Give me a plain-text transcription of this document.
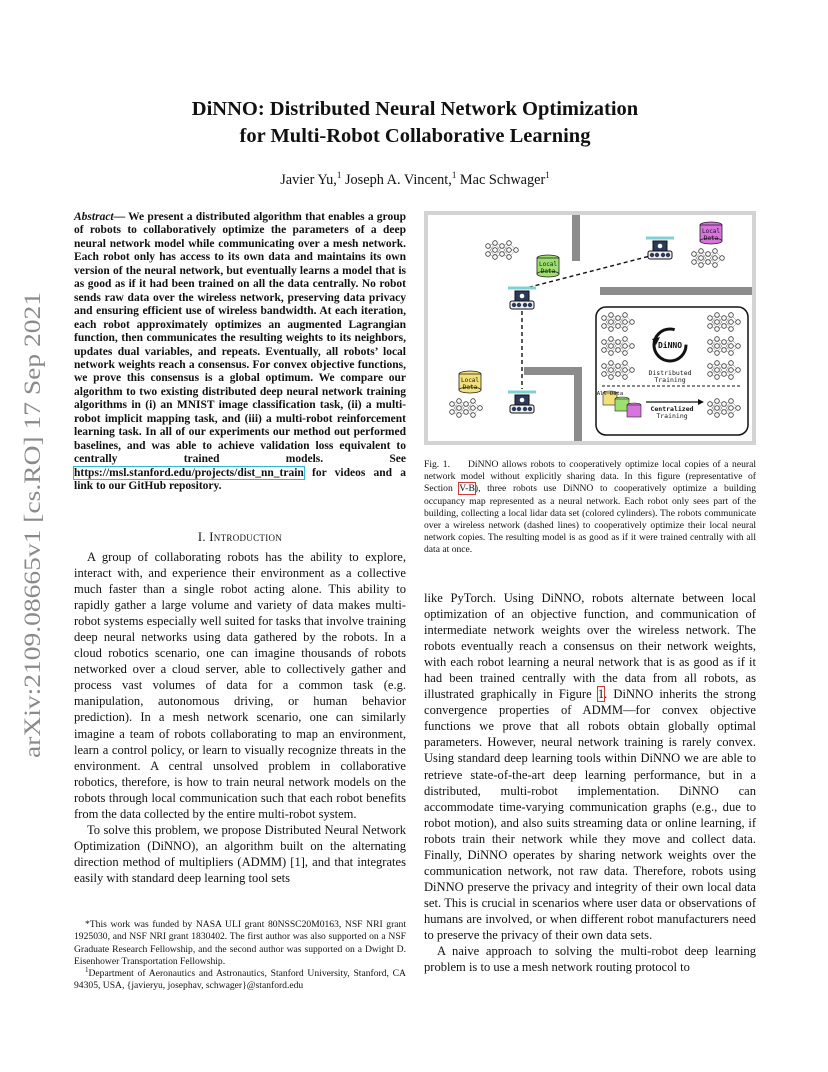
arXiv:2109.08665v1 [cs.RO] 17 Sep 2021
DiNNO: Distributed Neural Network Optimization
for Multi-Robot Collaborative Learning
Javier Yu,$^1$ Joseph A. Vincent,$^1$ Mac Schwager$^1$
Abstract— We present a distributed algorithm that enables a group of robots to collaboratively optimize the parameters of a deep neural network model while communicating over a mesh network. Each robot only has access to its own data and maintains its own version of the neural network, but eventually learns a model that is as good as if it had been trained on all the data centrally. No robot sends raw data over the wireless network, preserving data privacy and ensuring efficient use of wireless bandwidth. At each iteration, each robot approximately optimizes an augmented Lagrangian function, then communicates the resulting weights to its neighbors, updates dual variables, and repeats. Eventually, all robots’ local network weights reach a consensus. For convex objective functions, we prove this consensus is a global optimum. We compare our algorithm to two existing distributed deep neural network training algorithms in (i) an MNIST image classification task, (ii) a multi-robot implicit mapping task, and (iii) a multi-robot reinforcement learning task. In all of our experiments our method out performed baselines, and was able to achieve validation loss equivalent to centrally trained models. See https://msl.stanford.edu/projects/dist_nn_train for videos and a link to our GitHub repository.
I. Introduction

A group of collaborating robots has the ability to explore, interact with, and experience their environment as a collective much faster than a single robot acting alone. This ability to rapidly gather a large volume and variety of data makes multi-robot systems especially well suited for tasks that involve training deep neural networks using data gathered by the robots. In a cloud robotics scenario, one can imagine thousands of robots networked over a cloud server, able to collectively gather and process vast volumes of data for a common task (e.g. manipulation, autonomous driving, or human behavior prediction). In a mesh network scenario, one can similarly imagine a team of robots collaborating to map an environment, learn a control policy, or learn to visually recognize threats in the environment. A central unsolved problem in collaborative robotics, therefore, is how to train neural network models on the robots through local communication such that each robot benefits from the data collected by the entire multi-robot system.

To solve this problem, we propose Distributed Neural Network Optimization (DiNNO), an algorithm built on the alternating direction method of multipliers (ADMM) [1], and that integrates easily with standard deep learning tool sets

*This work was funded by NASA ULI grant 80NSSC20M0163, NSF NRI grant 1925030, and NSF NRI grant 1830402. The first author was also supported on a NSF Graduate Research Fellowship, and the second author was supported on a Dwight D. Eisenhower Transportation Fellowship.

$^1$Department of Aeronautics and Astronautics, Stanford University, Stanford, CA 94305, USA, {javieryu, josephav, schwager}@stanford.edu

Local
Data
Local
Data
Local
Data
DiNNO
Distributed
Training
All Data
Centralized
Training
Fig. 1. DiNNO allows robots to cooperatively optimize local copies of a neural network model without explicitly sharing data. In this figure (representative of Section V-B), three robots use DiNNO to cooperatively optimize a building occupancy map represented as a neural network. Each robot only sees part of the building, collecting a local lidar data set (colored cylinders). The robots communicate over a wireless network (dashed lines) to cooperatively optimize their local neural network copies. The resulting model is as good as if it were trained centrally with all data at once.

like PyTorch. Using DiNNO, robots alternate between local optimization of an objective function, and communication of intermediate network weights over the wireless network. The robots eventually reach a consensus on their network weights, with each robot learning a neural network that is as good as if it had been trained centrally with the data from all robots, as illustrated graphically in Figure 1. DiNNO inherits the strong convergence properties of ADMM—for convex objective functions we prove that all robots obtain globally optimal parameters. However, neural network training is rarely convex. Using standard deep learning tools within DiNNO we are able to retrieve state-of-the-art deep learning performance, but in a distributed, multi-robot implementation. DiNNO can accommodate time-varying communication graphs (e.g., due to robot motion), and also suits streaming data or online learning, if robots train their network while they move and collect data. Finally, DiNNO operates by sharing network weights over the communication network, not raw data. Therefore, robots using DiNNO preserve the privacy and integrity of their own local data set. This is crucial in scenarios where user data or observations of humans are involved, or when different robot manufacturers need to preserve the privacy of their own data sets.

A naive approach to solving the multi-robot deep learning problem is to use a mesh network routing protocol to
